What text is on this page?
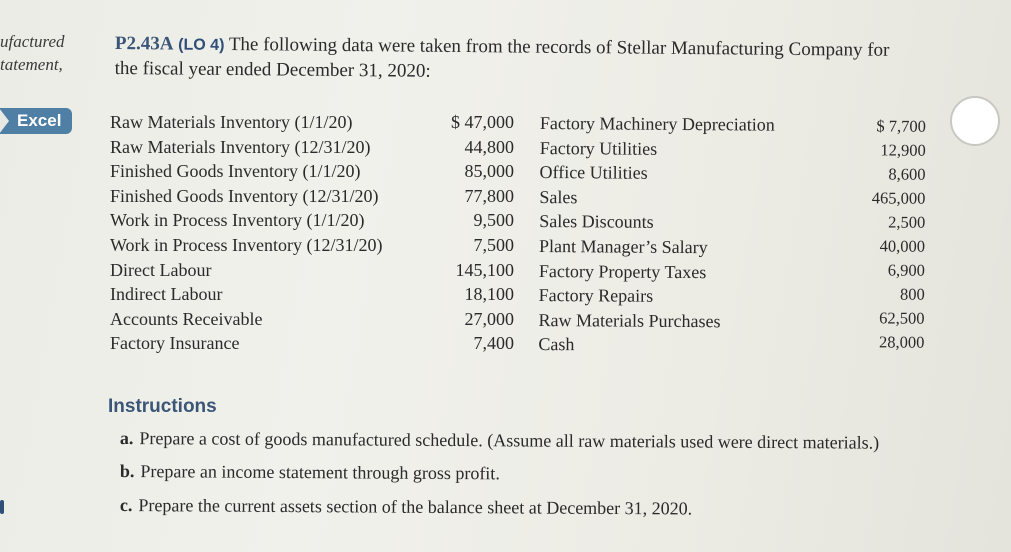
ufactured
tatement,
P2.43A (LO 4) The following data were taken from the records of Stellar Manufacturing Company for
the fiscal year ended December 31, 2020:
Excel	Raw Materials Inventory (1/1/20)
Raw Materials Inventory (12/31/20)
Finished Goods Inventory (1/1/20)
Finished Goods Inventory (12/31/20)
Work in Process Inventory (1/1/20)
Work in Process Inventory (12/31/20)
Direct Labour
Indirect Labour
Accounts Receivable
Factory Insurance
$ 47,000
44,800
85,000
77,800
9,500
7,500
145,100
18,100
27,000
7,400
Factory Machinery Depreciation
Factory Utilities
Office Utilities
Sales
Sales Discounts
Plant Manager’s Salary
Factory Property Taxes
Factory Repairs
Raw Materials Purchases
Cash
$ 7,700
12,900
8,600
465,000
2,500
40,000
6,900
800
62,500
28,000
Instructions
a. Prepare a cost of goods manufactured schedule. (Assume all raw materials used were direct materials.)
b. Prepare an income statement through gross profit.
c. Prepare the current assets section of the balance sheet at December 31, 2020.
